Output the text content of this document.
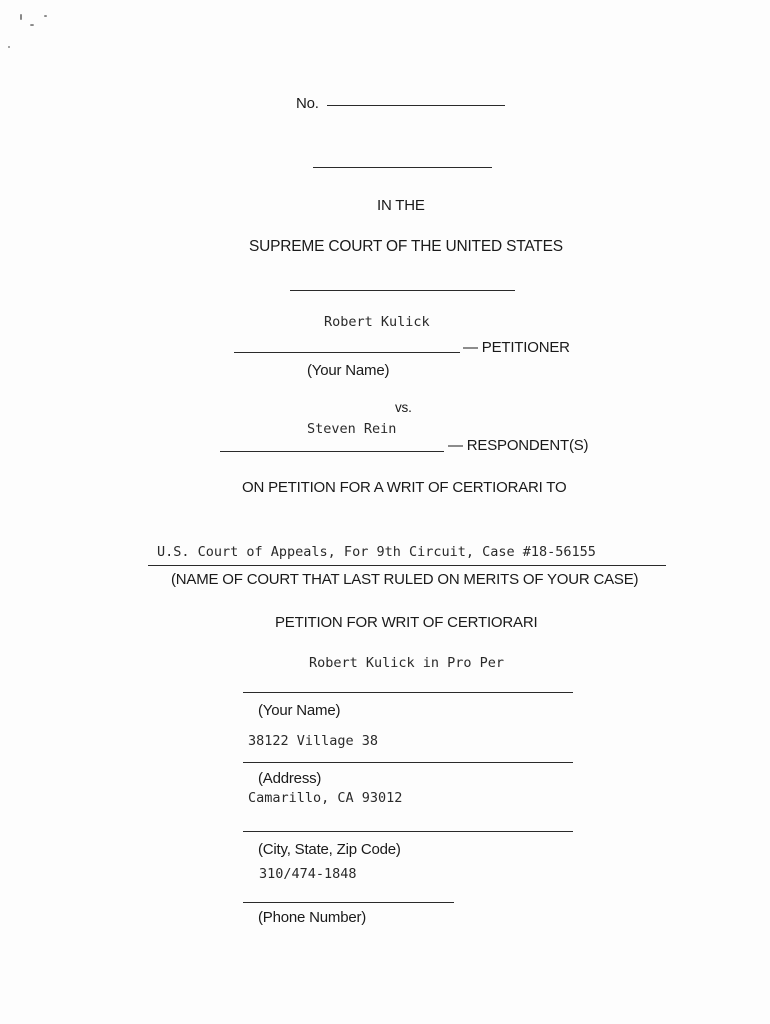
No.
IN THE
SUPREME COURT OF THE UNITED STATES
Robert Kulick
— PETITIONER
(Your Name)
vs.
Steven Rein
— RESPONDENT(S)
ON PETITION FOR A WRIT OF CERTIORARI TO
U.S. Court of Appeals, For 9th Circuit, Case #18-56155
(NAME OF COURT THAT LAST RULED ON MERITS OF YOUR CASE)
PETITION FOR WRIT OF CERTIORARI
Robert Kulick in Pro Per
(Your Name)
38122 Village 38
(Address)
Camarillo, CA 93012
(City, State, Zip Code)
310/474-1848
(Phone Number)
